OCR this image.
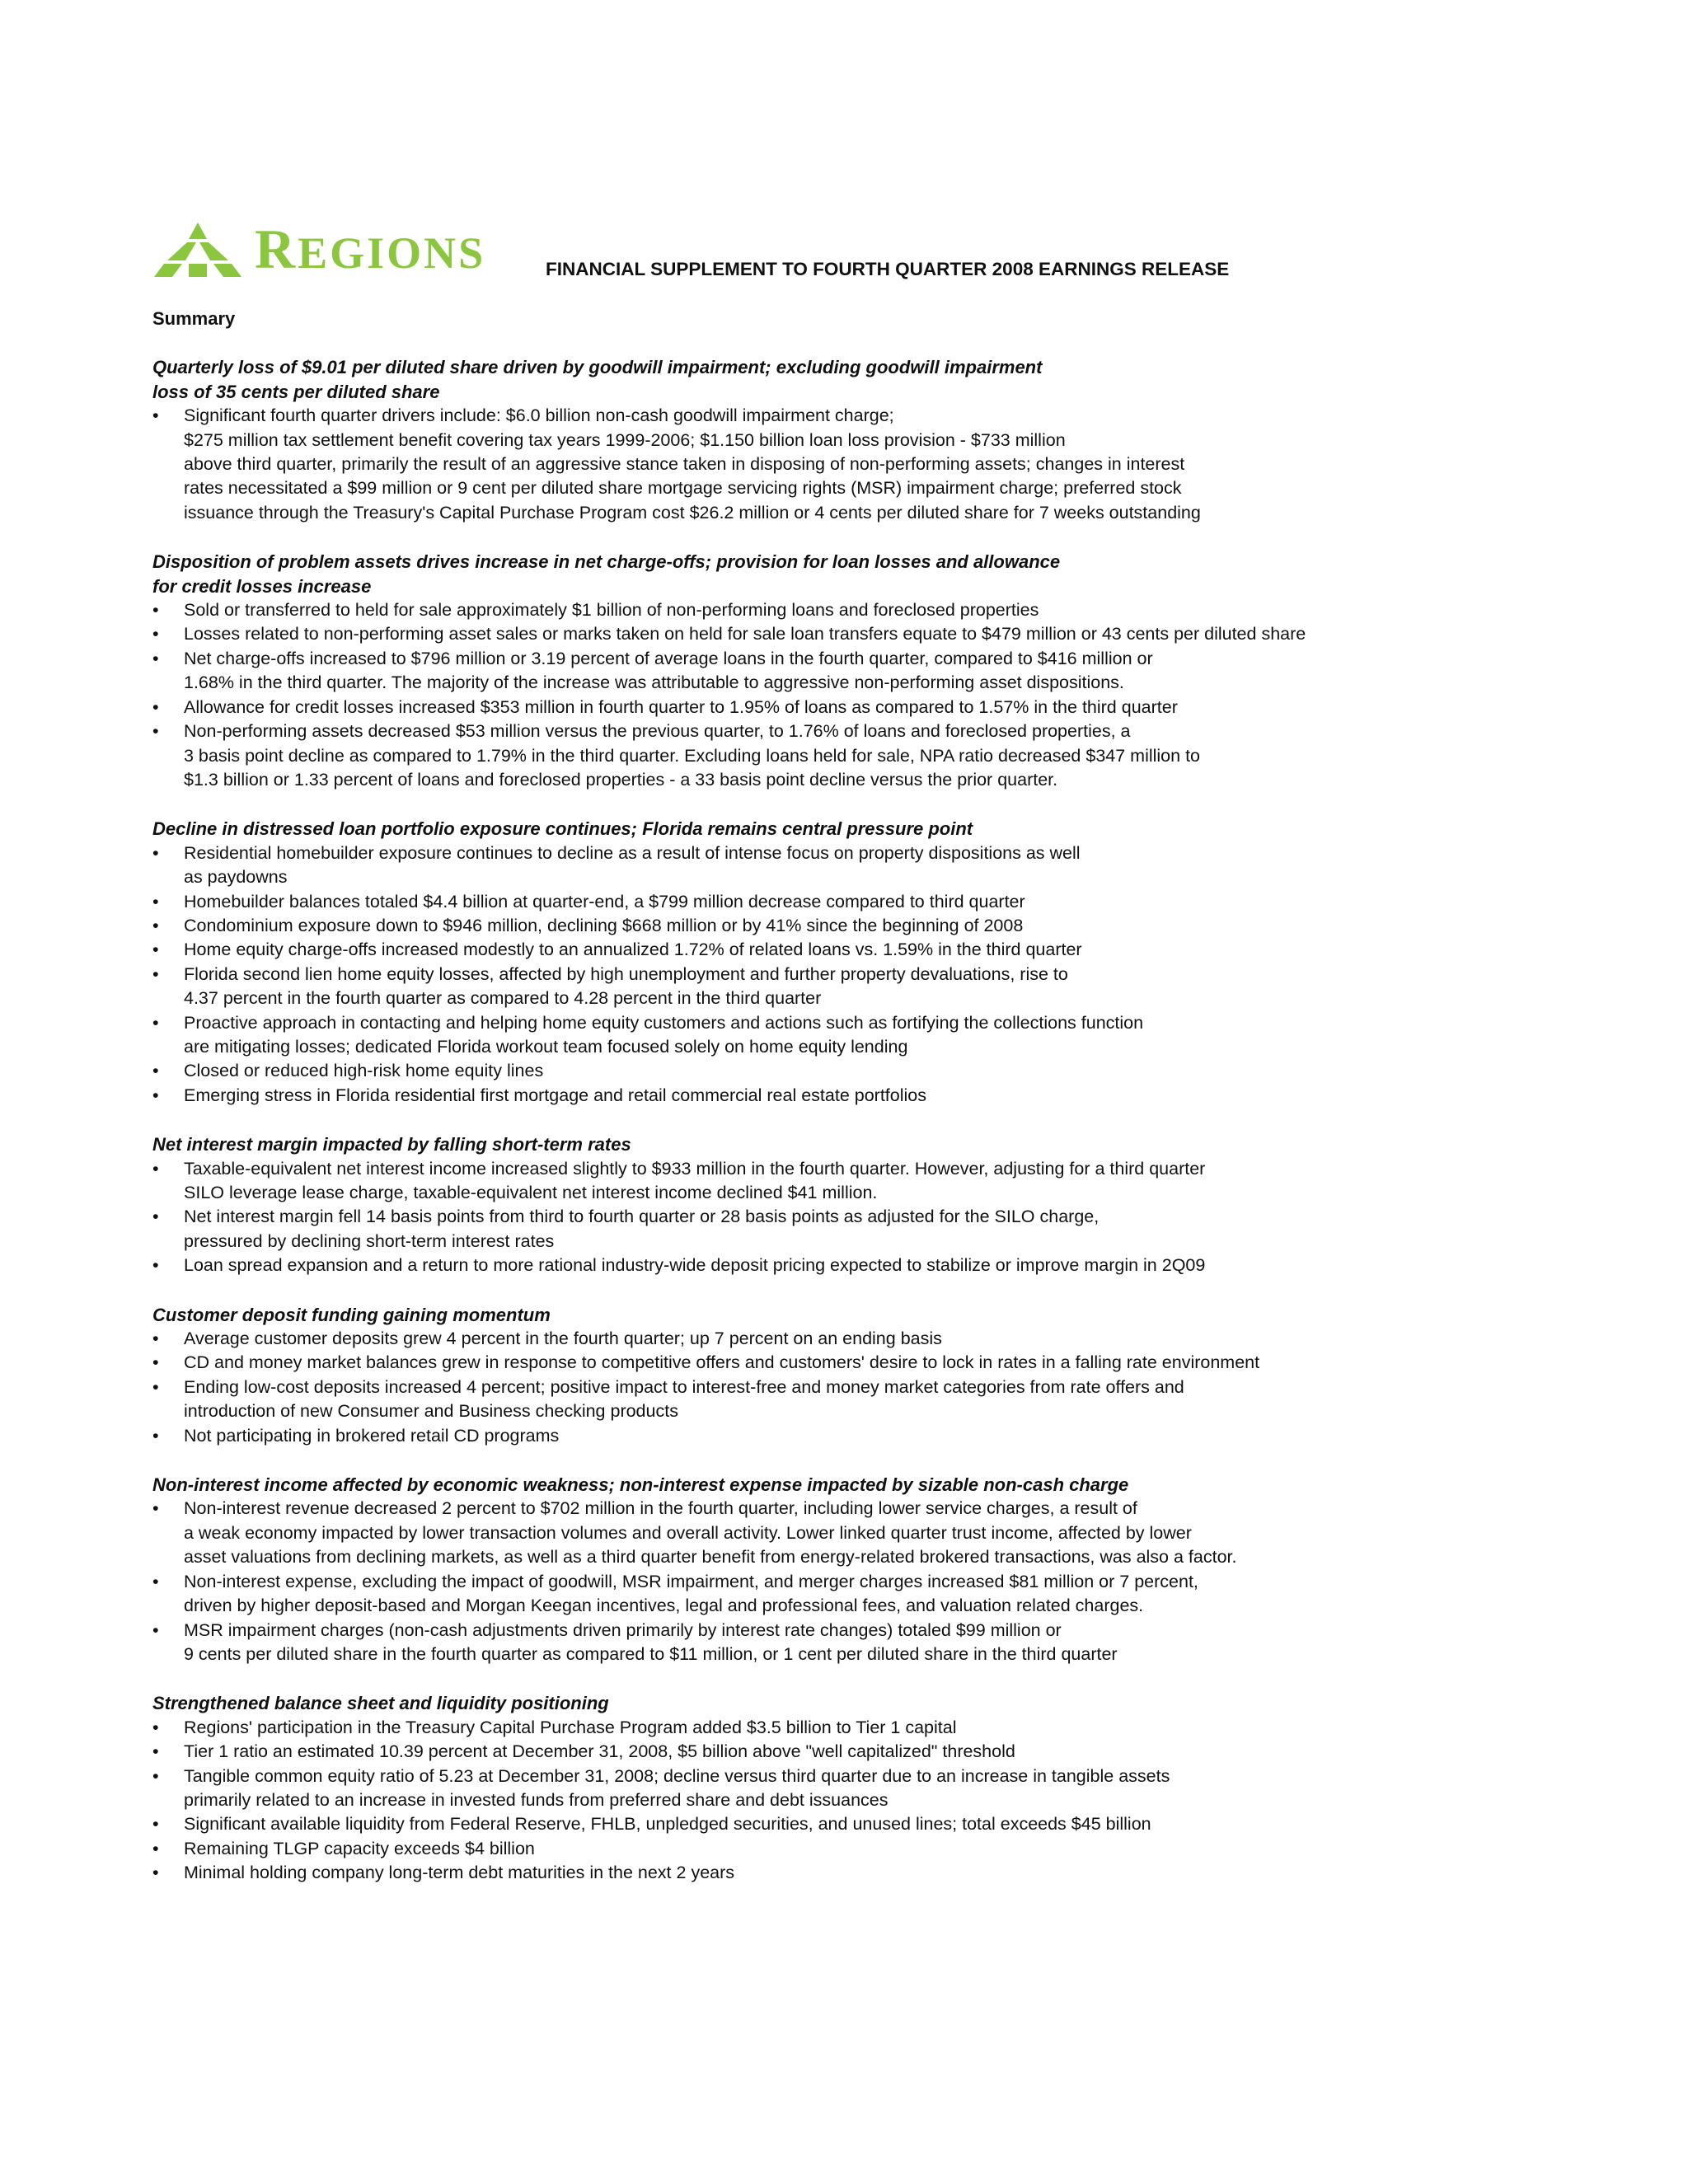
REGIONS	FINANCIAL SUPPLEMENT TO FOURTH QUARTER 2008 EARNINGS RELEASE
Summary
Quarterly loss of $9.01 per diluted share driven by goodwill impairment; excluding goodwill impairment
loss of 35 cents per diluted share
• Significant fourth quarter drivers include: $6.0 billion non-cash goodwill impairment charge;
$275 million tax settlement benefit covering tax years 1999-2006; $1.150 billion loan loss provision - $733 million
above third quarter, primarily the result of an aggressive stance taken in disposing of non-performing assets; changes in interest
rates necessitated a $99 million or 9 cent per diluted share mortgage servicing rights (MSR) impairment charge; preferred stock
issuance through the Treasury's Capital Purchase Program cost $26.2 million or 4 cents per diluted share for 7 weeks outstanding
Disposition of problem assets drives increase in net charge-offs; provision for loan losses and allowance
for credit losses increase
• Sold or transferred to held for sale approximately $1 billion of non-performing loans and foreclosed properties
• Losses related to non-performing asset sales or marks taken on held for sale loan transfers equate to $479 million or 43 cents per diluted share
• Net charge-offs increased to $796 million or 3.19 percent of average loans in the fourth quarter, compared to $416 million or
1.68% in the third quarter. The majority of the increase was attributable to aggressive non-performing asset dispositions.
• Allowance for credit losses increased $353 million in fourth quarter to 1.95% of loans as compared to 1.57% in the third quarter
• Non-performing assets decreased $53 million versus the previous quarter, to 1.76% of loans and foreclosed properties, a
3 basis point decline as compared to 1.79% in the third quarter. Excluding loans held for sale, NPA ratio decreased $347 million to
$1.3 billion or 1.33 percent of loans and foreclosed properties - a 33 basis point decline versus the prior quarter.
Decline in distressed loan portfolio exposure continues; Florida remains central pressure point
• Residential homebuilder exposure continues to decline as a result of intense focus on property dispositions as well
as paydowns
• Homebuilder balances totaled $4.4 billion at quarter-end, a $799 million decrease compared to third quarter
• Condominium exposure down to $946 million, declining $668 million or by 41% since the beginning of 2008
• Home equity charge-offs increased modestly to an annualized 1.72% of related loans vs. 1.59% in the third quarter
• Florida second lien home equity losses, affected by high unemployment and further property devaluations, rise to
4.37 percent in the fourth quarter as compared to 4.28 percent in the third quarter
• Proactive approach in contacting and helping home equity customers and actions such as fortifying the collections function
are mitigating losses; dedicated Florida workout team focused solely on home equity lending
• Closed or reduced high-risk home equity lines
• Emerging stress in Florida residential first mortgage and retail commercial real estate portfolios
Net interest margin impacted by falling short-term rates
• Taxable-equivalent net interest income increased slightly to $933 million in the fourth quarter. However, adjusting for a third quarter
SILO leverage lease charge, taxable-equivalent net interest income declined $41 million.
• Net interest margin fell 14 basis points from third to fourth quarter or 28 basis points as adjusted for the SILO charge,
pressured by declining short-term interest rates
• Loan spread expansion and a return to more rational industry-wide deposit pricing expected to stabilize or improve margin in 2Q09
Customer deposit funding gaining momentum
• Average customer deposits grew 4 percent in the fourth quarter; up 7 percent on an ending basis
• CD and money market balances grew in response to competitive offers and customers' desire to lock in rates in a falling rate environment
• Ending low-cost deposits increased 4 percent; positive impact to interest-free and money market categories from rate offers and
introduction of new Consumer and Business checking products
• Not participating in brokered retail CD programs
Non-interest income affected by economic weakness; non-interest expense impacted by sizable non-cash charge
• Non-interest revenue decreased 2 percent to $702 million in the fourth quarter, including lower service charges, a result of
a weak economy impacted by lower transaction volumes and overall activity. Lower linked quarter trust income, affected by lower
asset valuations from declining markets, as well as a third quarter benefit from energy-related brokered transactions, was also a factor.
• Non-interest expense, excluding the impact of goodwill, MSR impairment, and merger charges increased $81 million or 7 percent,
driven by higher deposit-based and Morgan Keegan incentives, legal and professional fees, and valuation related charges.
• MSR impairment charges (non-cash adjustments driven primarily by interest rate changes) totaled $99 million or
9 cents per diluted share in the fourth quarter as compared to $11 million, or 1 cent per diluted share in the third quarter
Strengthened balance sheet and liquidity positioning
• Regions' participation in the Treasury Capital Purchase Program added $3.5 billion to Tier 1 capital
• Tier 1 ratio an estimated 10.39 percent at December 31, 2008, $5 billion above "well capitalized" threshold
• Tangible common equity ratio of 5.23 at December 31, 2008; decline versus third quarter due to an increase in tangible assets
primarily related to an increase in invested funds from preferred share and debt issuances
• Significant available liquidity from Federal Reserve, FHLB, unpledged securities, and unused lines; total exceeds $45 billion
• Remaining TLGP capacity exceeds $4 billion
• Minimal holding company long-term debt maturities in the next 2 years
